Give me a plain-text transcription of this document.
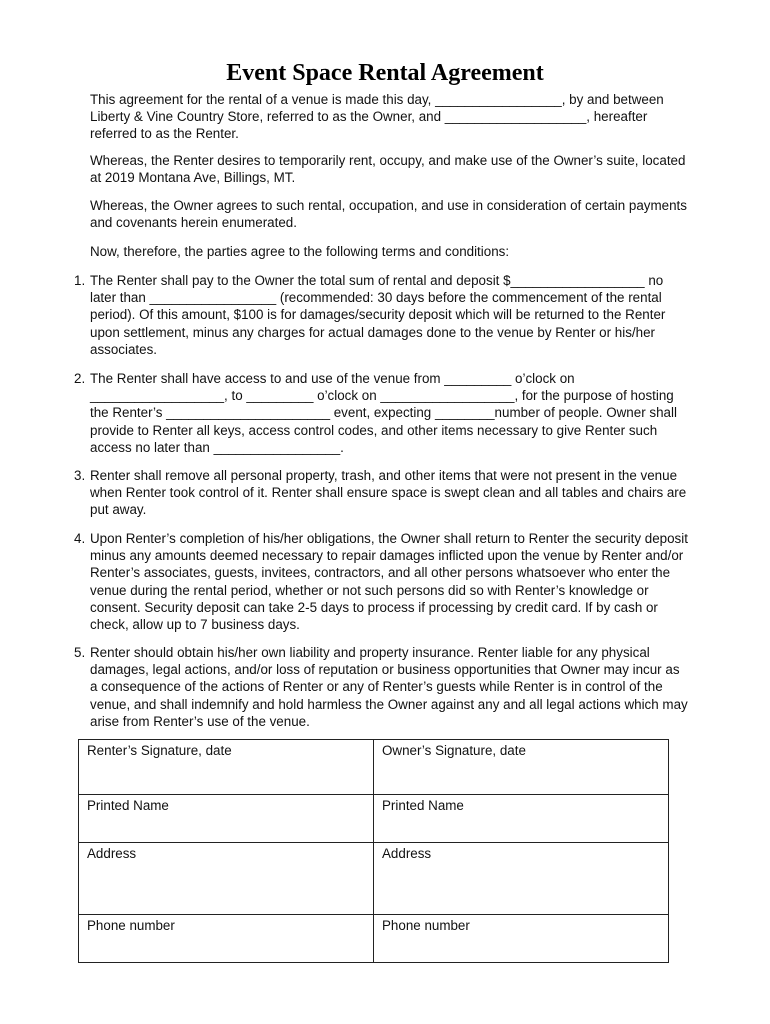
Event Space Rental Agreement

This agreement for the rental of a venue is made this day, _________________, by and between Liberty & Vine Country Store, referred to as the Owner, and ___________________, hereafter referred to as the Renter.

Whereas, the Renter desires to temporarily rent, occupy, and make use of the Owner’s suite, located at 2019 Montana Ave, Billings, MT.

Whereas, the Owner agrees to such rental, occupation, and use in consideration of certain payments and covenants herein enumerated.

Now, therefore, the parties agree to the following terms and conditions:

1. The Renter shall pay to the Owner the total sum of rental and deposit $__________________ no later than _________________ (recommended: 30 days before the commencement of the rental period). Of this amount, $100 is for damages/security deposit which will be returned to the Renter upon settlement, minus any charges for actual damages done to the venue by Renter or his/her associates.
2. The Renter shall have access to and use of the venue from _________ o’clock on __________________, to _________ o’clock on __________________, for the purpose of hosting the Renter’s ______________________ event, expecting ________number of people. Owner shall provide to Renter all keys, access control codes, and other items necessary to give Renter such access no later than _________________.
3. Renter shall remove all personal property, trash, and other items that were not present in the venue when Renter took control of it. Renter shall ensure space is swept clean and all tables and chairs are put away.
4. Upon Renter’s completion of his/her obligations, the Owner shall return to Renter the security deposit minus any amounts deemed necessary to repair damages inflicted upon the venue by Renter and/or Renter’s associates, guests, invitees, contractors, and all other persons whatsoever who enter the venue during the rental period, whether or not such persons did so with Renter’s knowledge or consent. Security deposit can take 2-5 days to process if processing by credit card. If by cash or check, allow up to 7 business days.
5. Renter should obtain his/her own liability and property insurance. Renter liable for any physical damages, legal actions, and/or loss of reputation or business opportunities that Owner may incur as a consequence of the actions of Renter or any of Renter’s guests while Renter is in control of the venue, and shall indemnify and hold harmless the Owner against any and all legal actions which may arise from Renter’s use of the venue.
Renter’s Signature, date	Owner’s Signature, date

Printed Name	Printed Name

Address	Address

Phone number	Phone number
